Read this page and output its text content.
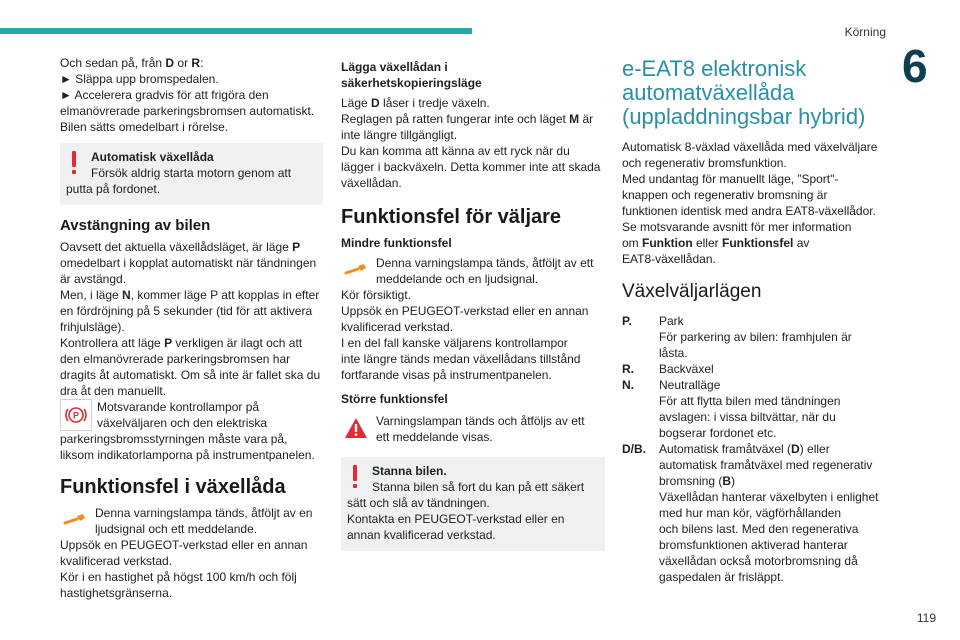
Körning
6
119

Och sedan på, från D or R:
► Släppa upp bromspedalen.
► Accelerera gradvis för att frigöra den
elmanövrerade parkeringsbromsen automatiskt.
Bilen sätts omedelbart i rörelse.

Automatisk växellåda
Försök aldrig starta motorn genom att
putta på fordonet.
Avstängning av bilen

Oavsett det aktuella växellådsläget, är läge P
omedelbart i kopplat automatiskt när tändningen
är avstängd.
Men, i läge N, kommer läge P att kopplas in efter
en fördröjning på 5 sekunder (tid för att aktivera
frihjulsläge).
Kontrollera att läge P verkligen är ilagt och att
den elmanövrerade parkeringsbromsen har
dragits åt automatiskt. Om så inte är fallet ska du
dra åt den manuellt.

P
Motsvarande kontrollampor på
växelväljaren och den elektriska

parkeringsbromsstyrningen måste vara på,
liksom indikatorlamporna på instrumentpanelen.

Funktionsfel i växellåda
Denna varningslampa tänds, åtföljt av en
ljudsignal och ett meddelande.

Uppsök en PEUGEOT-verkstad eller en annan
kvalificerad verkstad.
Kör i en hastighet på högst 100 km/h och följ
hastighetsgränserna.

Lägga växellådan i
säkerhetskopieringsläge

Läge D låser i tredje växeln.
Reglagen på ratten fungerar inte och läget M är
inte längre tillgängligt.
Du kan komma att känna av ett ryck när du
lägger i backväxeln. Detta kommer inte att skada
växellådan.

Funktionsfel för väljare
Mindre funktionsfel
Denna varningslampa tänds, åtföljt av ett
meddelande och en ljudsignal.

Kör försiktigt.
Uppsök en PEUGEOT-verkstad eller en annan
kvalificerad verkstad.
I en del fall kanske väljarens kontrollampor
inte längre tänds medan växellådans tillstånd
fortfarande visas på instrumentpanelen.

Större funktionsfel
Varningslampan tänds och åtföljs av ett
ett meddelande visas.
Stanna bilen.
Stanna bilen så fort du kan på ett säkert
sätt och slå av tändningen.
Kontakta en PEUGEOT-verkstad eller en
annan kvalificerad verkstad.
e-EAT8 elektronisk
automatväxellåda
(uppladdningsbar hybrid)

Automatisk 8-växlad växellåda med växelväljare
och regenerativ bromsfunktion.
Med undantag för manuellt läge, ”Sport"-
knappen och regenerativ bromsning är
funktionen identisk med andra EAT8-växellådor.
Se motsvarande avsnitt för mer information
om Funktion eller Funktionsfel av
EAT8-växellådan.

Växelväljarlägen
P.	Park
För parkering av bilen: framhjulen är
låsta.
R.	Backväxel
N.	Neutralläge
För att flytta bilen med tändningen
avslagen: i vissa biltvättar, när du
bogserar fordonet etc.
D/B.	Automatisk framåtväxel (D) eller
automatisk framåtväxel med regenerativ
bromsning (B)
Växellådan hanterar växelbyten i enlighet
med hur man kör, vägförhållanden
och bilens last. Med den regenerativa
bromsfunktionen aktiverad hanterar
växellådan också motorbromsning då
gaspedalen är frisläppt.
